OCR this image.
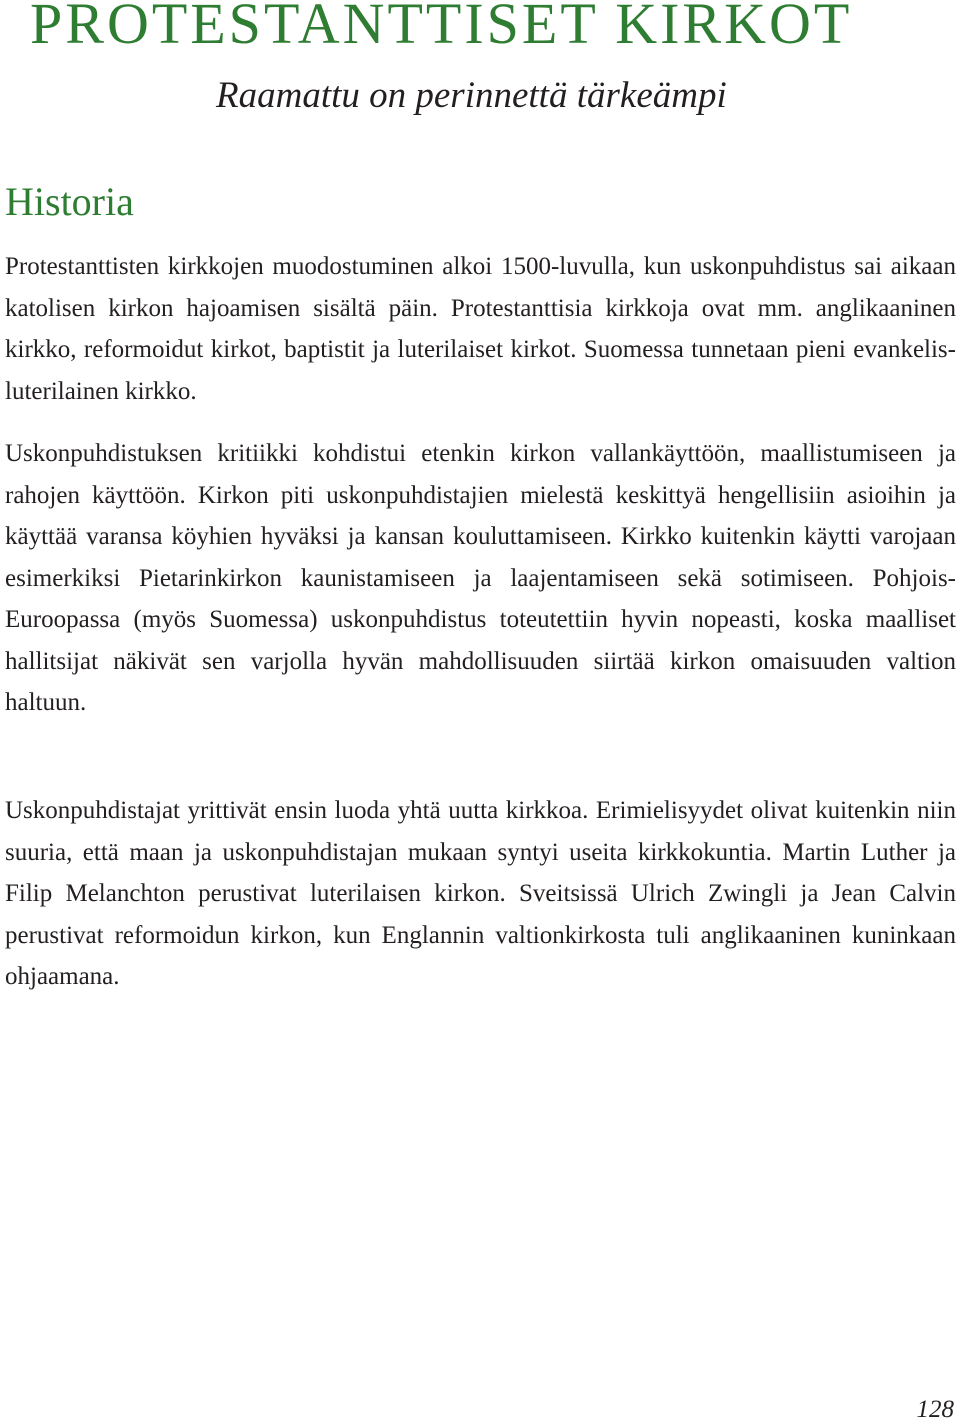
PROTESTANTTISET KIRKOT
Raamattu on perinnettä tärkeämpi
Historia

Protestanttisten kirkkojen muodostuminen alkoi 1500-luvulla, kun uskonpuhdistus sai aikaan katolisen kirkon hajoamisen sisältä päin. Protestanttisia kirkkoja ovat mm. anglikaaninen kirkko, reformoidut kirkot, baptistit ja luterilaiset kirkot. Suomessa tunnetaan pieni evankelis-luterilainen kirkko.

Uskonpuhdistuksen kritiikki kohdistui etenkin kirkon vallankäyttöön, maallistumiseen ja rahojen käyttöön. Kirkon piti uskonpuhdistajien mielestä keskittyä hengellisiin asioihin ja käyttää varansa köyhien hyväksi ja kansan kouluttamiseen. Kirkko kuitenkin käytti varojaan esimerkiksi Pietarinkirkon kaunistamiseen ja laajentamiseen sekä sotimiseen. Pohjois-Euroopassa (myös Suomessa) uskonpuhdistus toteutettiin hyvin nopeasti, koska maalliset hallitsijat näkivät sen varjolla hyvän mahdollisuuden siirtää kirkon omaisuuden valtion haltuun.

Uskonpuhdistajat yrittivät ensin luoda yhtä uutta kirkkoa. Erimielisyydet olivat kuitenkin niin suuria, että maan ja uskonpuhdistajan mukaan syntyi useita kirkkokuntia. Martin Luther ja Filip Melanchton perustivat luterilaisen kirkon. Sveitsissä Ulrich Zwingli ja Jean Calvin perustivat reformoidun kirkon, kun Englannin valtionkirkosta tuli anglikaaninen kuninkaan ohjaamana.

128
